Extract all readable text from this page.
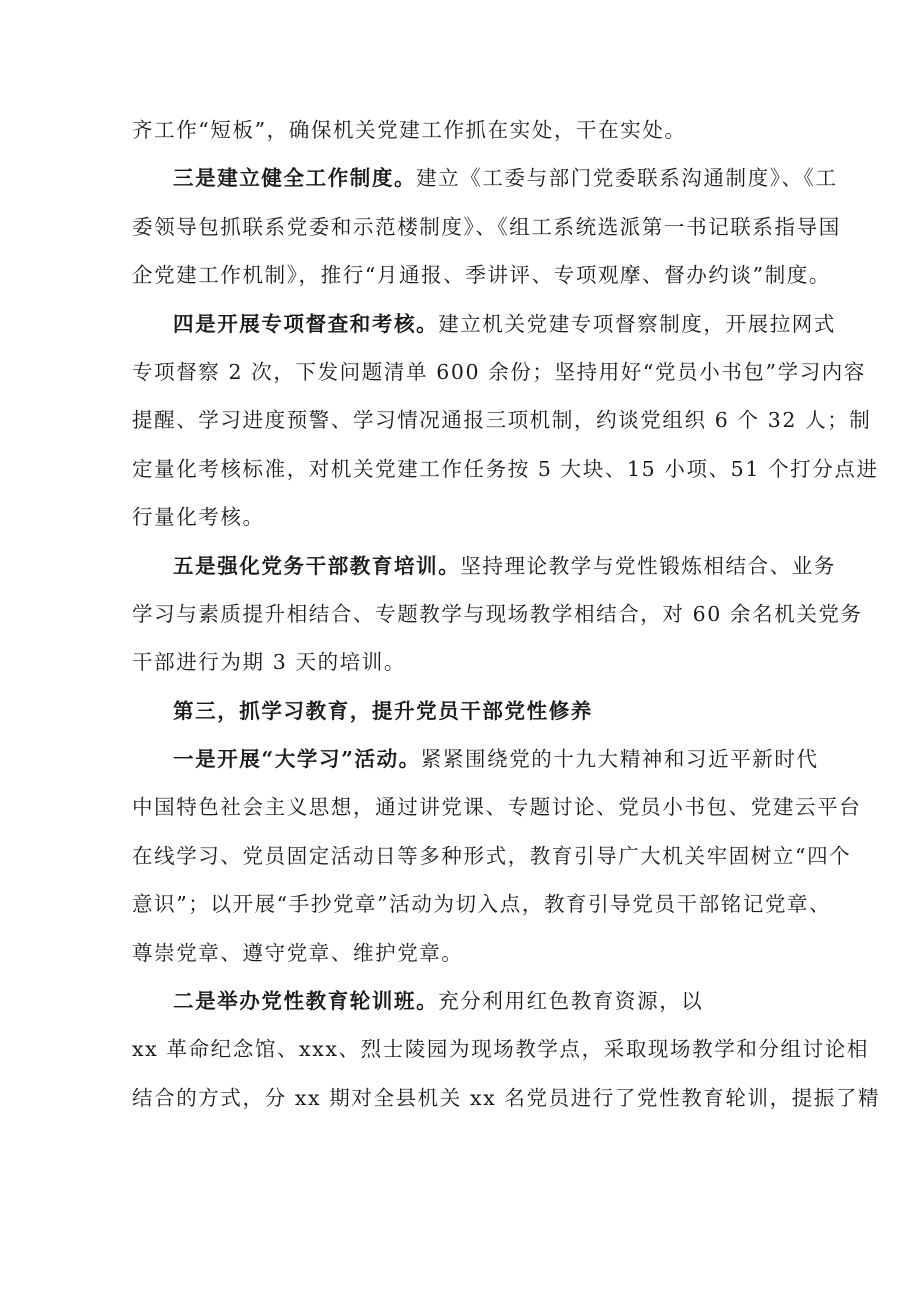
齐工作“短板”，确保机关党建工作抓在实处，干在实处。
三是建立健全工作制度。建立《工委与部门党委联系沟通制度》、《工
委领导包抓联系党委和示范楼制度》、《组工系统选派第一书记联系指导国
企党建工作机制》，推行“月通报、季讲评、专项观摩、督办约谈”制度。
四是开展专项督查和考核。建立机关党建专项督察制度，开展拉网式
专项督察 2 次，下发问题清单 600 余份；坚持用好“党员小书包”学习内容
提醒、学习进度预警、学习情况通报三项机制，约谈党组织 6 个 32 人；制
定量化考核标准，对机关党建工作任务按 5 大块、15 小项、51 个打分点进
行量化考核。
五是强化党务干部教育培训。坚持理论教学与党性锻炼相结合、业务
学习与素质提升相结合、专题教学与现场教学相结合，对 60 余名机关党务
干部进行为期 3 天的培训。
第三，抓学习教育，提升党员干部党性修养
一是开展“大学习”活动。紧紧围绕党的十九大精神和习近平新时代
中国特色社会主义思想，通过讲党课、专题讨论、党员小书包、党建云平台
在线学习、党员固定活动日等多种形式，教育引导广大机关牢固树立“四个
意识”；以开展“手抄党章”活动为切入点，教育引导党员干部铭记党章、
尊崇党章、遵守党章、维护党章。
二是举办党性教育轮训班。充分利用红色教育资源，以
xx 革命纪念馆、xxx、烈士陵园为现场教学点，采取现场教学和分组讨论相
结合的方式，分 xx 期对全县机关 xx 名党员进行了党性教育轮训，提振了精
